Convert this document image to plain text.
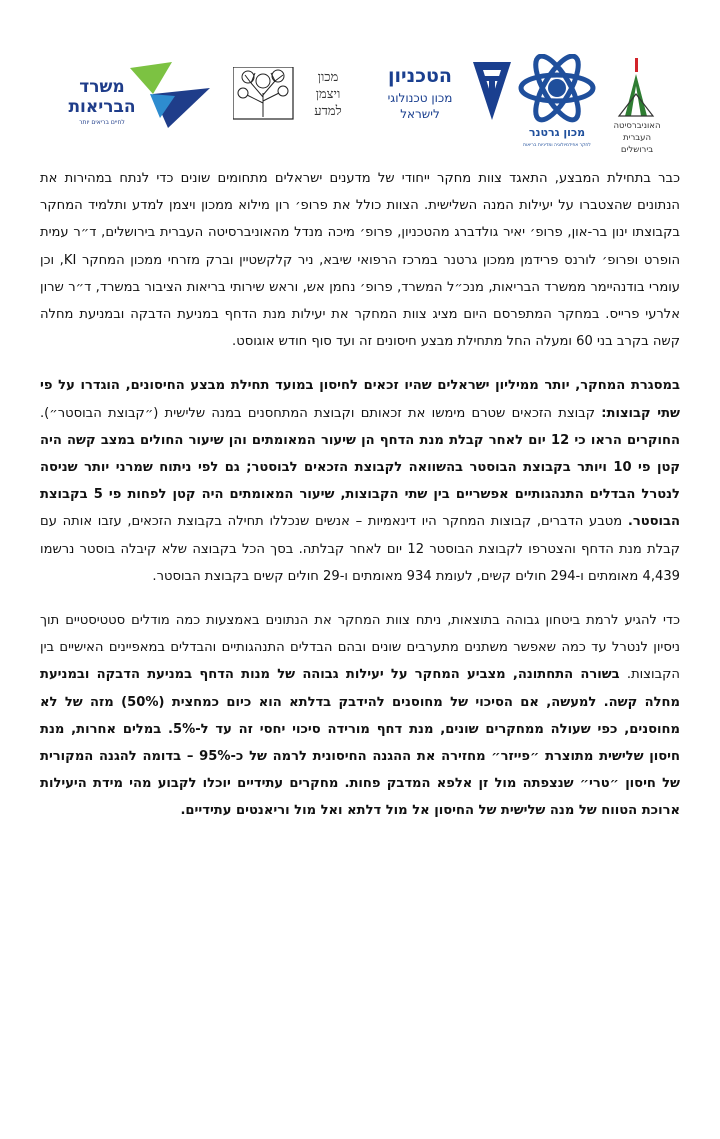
משרד
הבריאות
לחיים בריאים יותר
מכון
ויצמן
למדע
הטכניון
מכון טכנולוגי
לישראל
מכון גרטנר
לחקר אפידמיולוגיה ומדיניות בריאות
האוניברסיטה
העברית
בירושלים

כבר בתחילת המבצע, התאגד צוות מחקר ייחודי של מדענים ישראלים מתחומים שונים כדי לנתח במהירות את הנתונים שהצטברו על יעילות המנה השלישית. הצוות כולל את פרופ׳ רון מילוא ממכון ויצמן למדע ותלמיד המחקר בקבוצתו ינון בר-און, פרופ׳ יאיר גולדברג מהטכניון, פרופ׳ מיכה מנדל מהאוניברסיטה העברית בירושלים, ד״ר עמית הופרט ופרופ׳ לורנס פרידמן ממכון גרטנר במרכז הרפואי שיבא, ניר קלקשטיין וברק מזרחי ממכון המחקר KI, וכן עומרי בודנהיימר ממשרד הבריאות, מנכ״ל המשרד, פרופ׳ נחמן אש, וראש שירותי בריאות הציבור במשרד, ד״ר שרון אלרעי פרייס. במחקר המתפרסם היום מציג צוות המחקר את יעילות מנת הדחף במניעת הדבקה ובמניעת מחלה קשה בקרב בני 60 ומעלה החל מתחילת מבצע חיסונים זה ועד סוף חודש אוגוסט.

במסגרת המחקר, יותר ממיליון ישראלים שהיו זכאים לחיסון במועד תחילת מבצע החיסונים, הוגדרו על פי שתי קבוצות: קבוצת הזכאים שטרם מימשו את זכאותם וקבוצת המתחסנים במנה שלישית (״קבוצת הבוסטר״). החוקרים הראו כי 12 יום לאחר קבלת מנת הדחף הן שיעור המאומתים והן שיעור החולים במצב קשה היה קטן פי 10 ויותר בקבוצת הבוסטר בהשוואה לקבוצת הזכאים לבוסטר; גם לפי ניתוח שמרני יותר שניסה לנטרל הבדלים התנהגותיים אפשריים בין שתי הקבוצות, שיעור המאומתים היה קטן לפחות פי 5 בקבוצת הבוסטר. מטבע הדברים, קבוצות המחקר היו דינאמיות – אנשים שנכללו תחילה בקבוצת הזכאים, עזבו אותה עם קבלת מנת הדחף והצטרפו לקבוצת הבוסטר 12 יום לאחר קבלתה. בסך הכל בקבוצה שלא קיבלה בוסטר נרשמו 4,439 מאומתים ו-294 חולים קשים, לעומת 934 מאומתים ו-29 חולים קשים בקבוצת הבוסטר.

כדי להגיע לרמת ביטחון גבוהה בתוצאות, ניתח צוות המחקר את הנתונים באמצעות כמה מודלים סטטיסטיים תוך ניסיון לנטרל עד כמה שאפשר משתנים מתערבים שונים ובהם הבדלים התנהגותיים והבדלים במאפיינים האישיים בין הקבוצות. בשורה התחתונה, מצביע המחקר על יעילות גבוהה של מנות הדחף במניעת הדבקה ובמניעת מחלה קשה. למעשה, אם הסיכוי של מחוסנים להידבק בדלתא הוא כיום כמחצית (50%) מזה של לא מחוסנים, כפי שעולה ממחקרים שונים, מנת דחף מורידה סיכוי יחסי זה עד ל-5%. במלים אחרות, מנת חיסון שלישית מתוצרת ״פייזר״ מחזירה את ההגנה החיסונית לרמה של כ-95% – בדומה להגנה המקורית של חיסון ״טרי״ שנצפתה מול זן אלפא המדבק פחות. מחקרים עתידיים יוכלו לקבוע מהי מידת היעילות ארוכת הטווח של מנה שלישית של החיסון אל מול דלתא ואל מול וריאנטים עתידיים.
